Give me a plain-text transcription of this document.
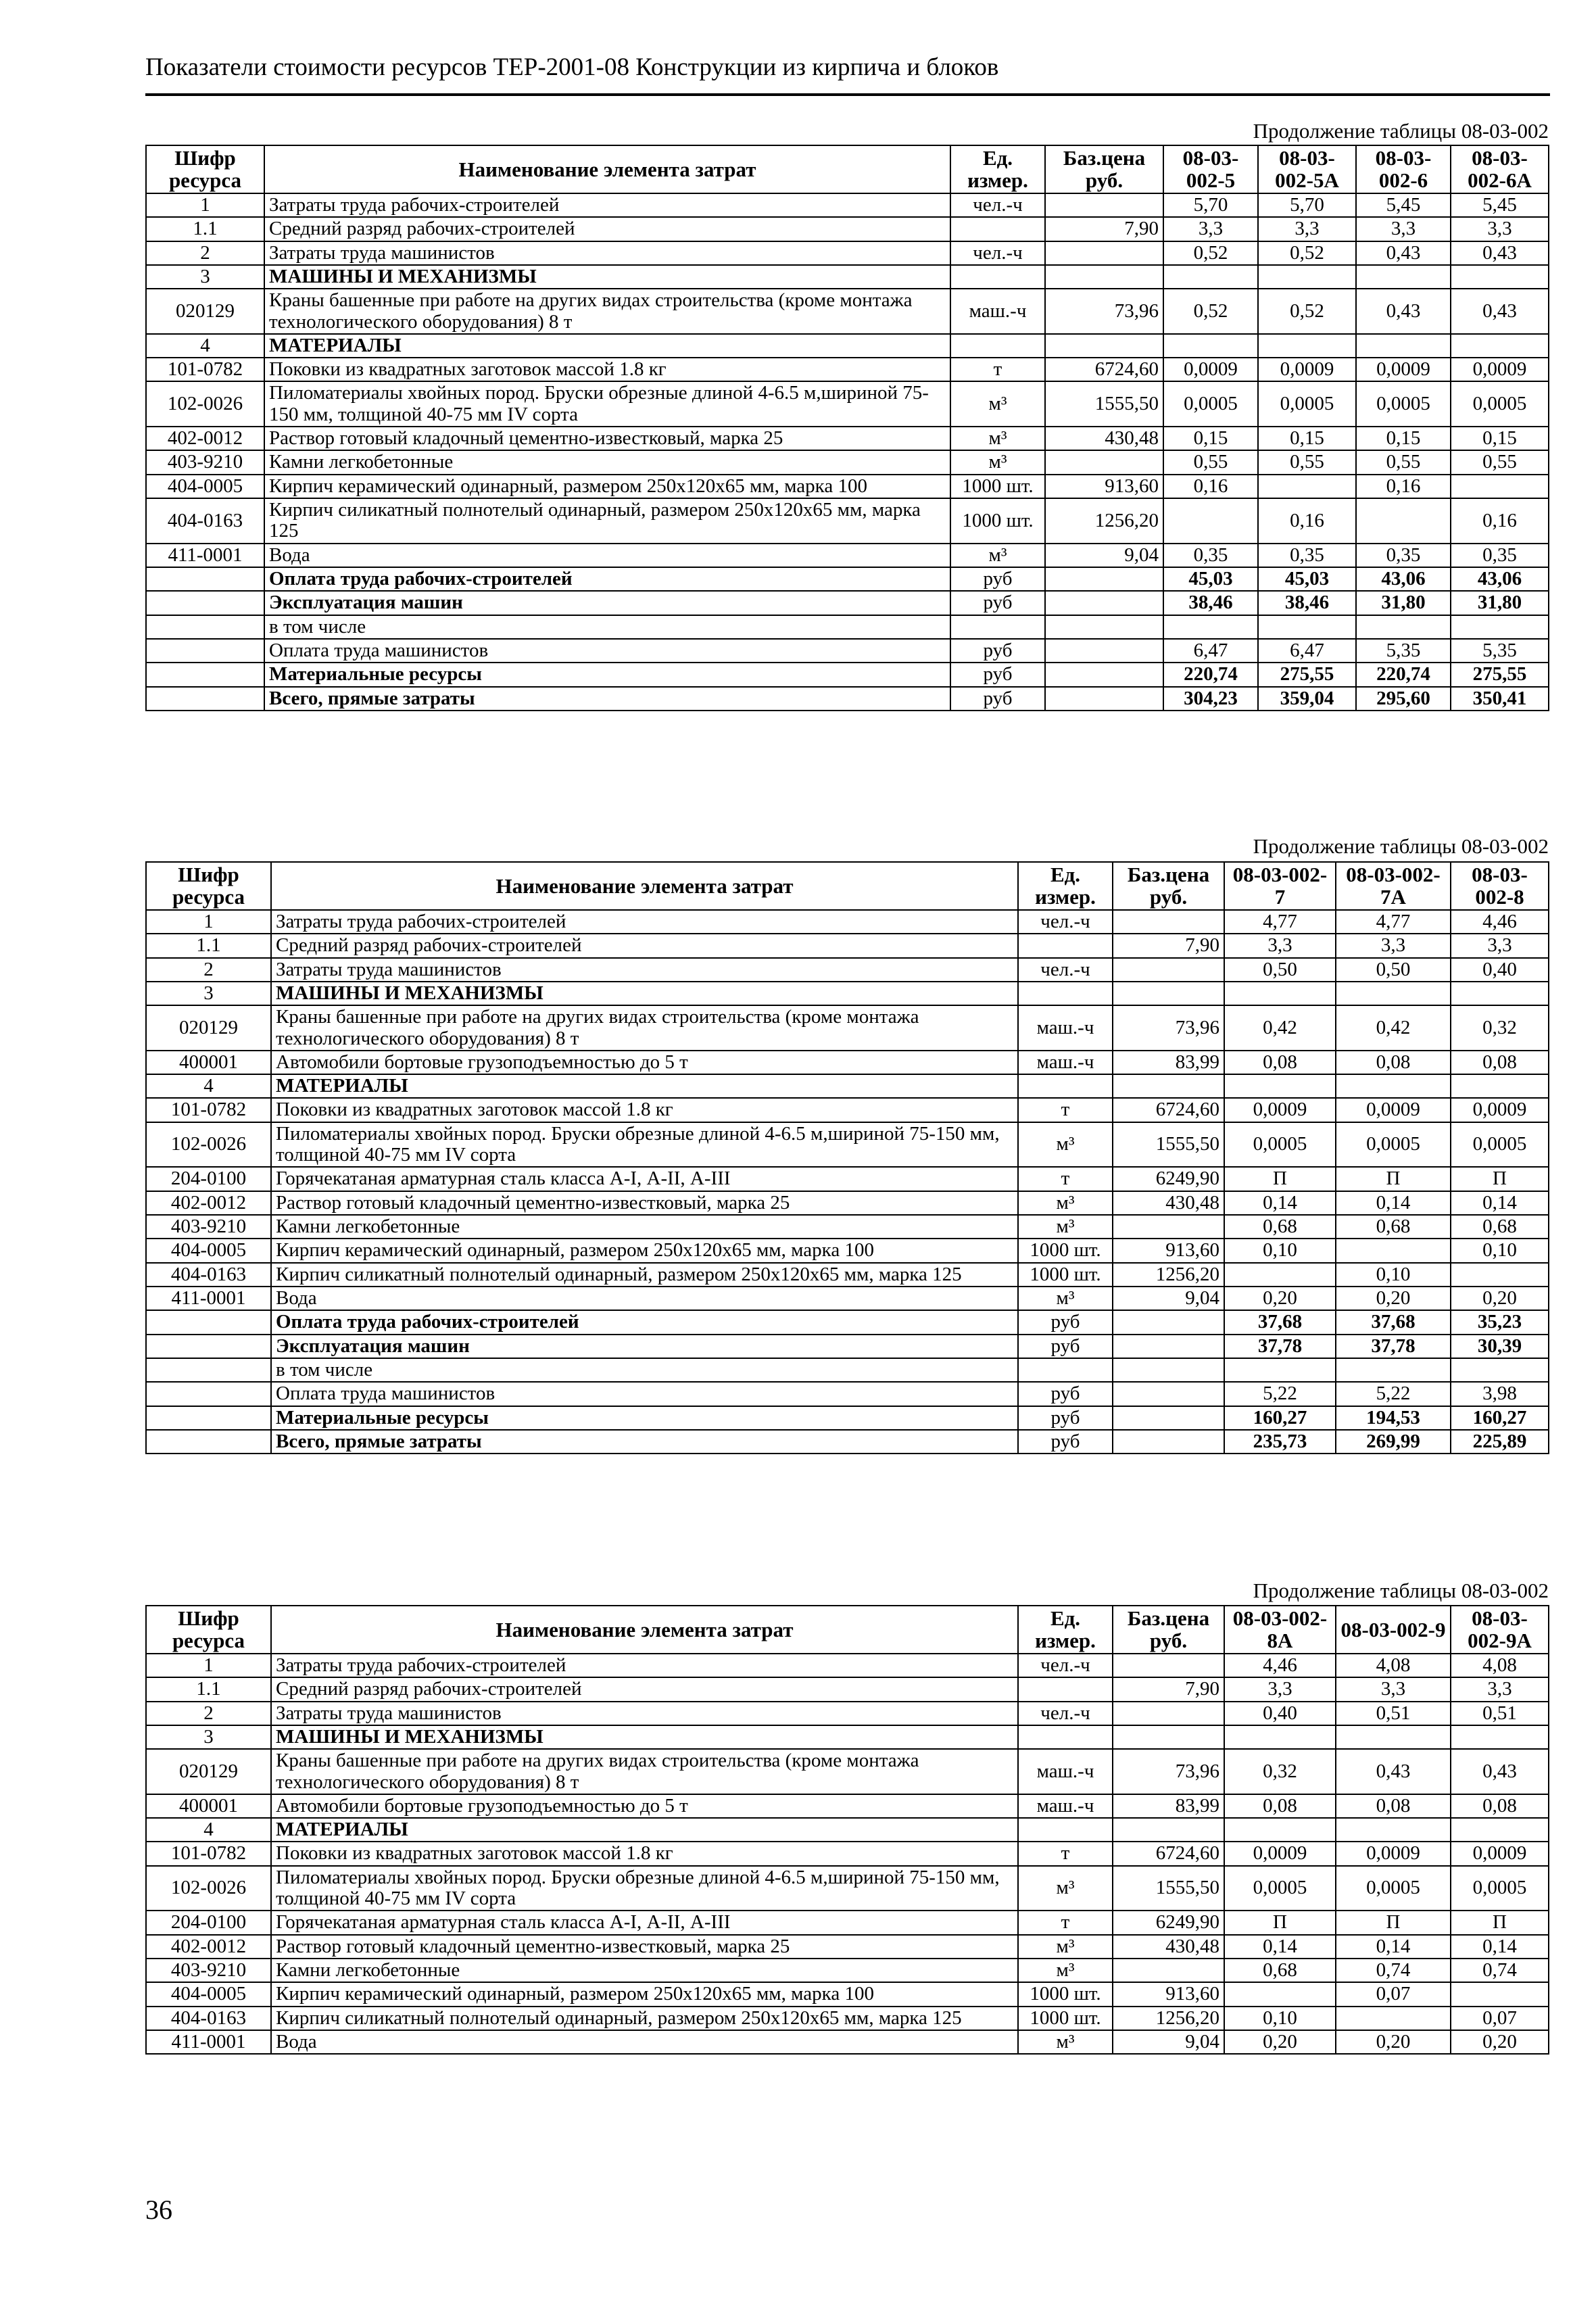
Показатели стоимости ресурсов ТЕР-2001-08 Конструкции из кирпича и блоков
Продолжение таблицы 08-03-002
Шифр ресурса	Наименование элемента затрат	Ед. измер.	Баз.цена руб.	08-03-002-5	08-03-002-5А	08-03-002-6	08-03-002-6А
1	Затраты труда рабочих-строителей	чел.-ч		5,70	5,70	5,45	5,45
1.1	Средний разряд рабочих-строителей		7,90	3,3	3,3	3,3	3,3
2	Затраты труда машинистов	чел.-ч		0,52	0,52	0,43	0,43
3	МАШИНЫ И МЕХАНИЗМЫ						
020129	Краны башенные при работе на других видах строительства (кроме монтажа технологического оборудования) 8 т	маш.-ч	73,96	0,52	0,52	0,43	0,43
4	МАТЕРИАЛЫ						
101-0782	Поковки из квадратных заготовок массой 1.8 кг	т	6724,60	0,0009	0,0009	0,0009	0,0009
102-0026	Пиломатериалы хвойных пород. Бруски обрезные длиной 4-6.5 м,шириной 75-150 мм, толщиной 40-75 мм IV сорта	м³	1555,50	0,0005	0,0005	0,0005	0,0005
402-0012	Раствор готовый кладочный цементно-известковый, марка 25	м³	430,48	0,15	0,15	0,15	0,15
403-9210	Камни легкобетонные	м³		0,55	0,55	0,55	0,55
404-0005	Кирпич керамический одинарный, размером 250х120х65 мм, марка 100	1000 шт.	913,60	0,16		0,16	
404-0163	Кирпич силикатный полнотелый одинарный, размером 250х120х65 мм, марка 125	1000 шт.	1256,20		0,16		0,16
411-0001	Вода	м³	9,04	0,35	0,35	0,35	0,35
	Оплата труда рабочих-строителей	руб		45,03	45,03	43,06	43,06
	Эксплуатация машин	руб		38,46	38,46	31,80	31,80
	в том числе						
	Оплата труда машинистов	руб		6,47	6,47	5,35	5,35
	Материальные ресурсы	руб		220,74	275,55	220,74	275,55
	Всего, прямые затраты	руб		304,23	359,04	295,60	350,41
Продолжение таблицы 08-03-002
Шифр ресурса	Наименование элемента затрат	Ед. измер.	Баз.цена руб.	08-03-002-7	08-03-002-7А	08-03-002-8
1	Затраты труда рабочих-строителей	чел.-ч		4,77	4,77	4,46
1.1	Средний разряд рабочих-строителей		7,90	3,3	3,3	3,3
2	Затраты труда машинистов	чел.-ч		0,50	0,50	0,40
3	МАШИНЫ И МЕХАНИЗМЫ					
020129	Краны башенные при работе на других видах строительства (кроме монтажа технологического оборудования) 8 т	маш.-ч	73,96	0,42	0,42	0,32
400001	Автомобили бортовые грузоподъемностью до 5 т	маш.-ч	83,99	0,08	0,08	0,08
4	МАТЕРИАЛЫ					
101-0782	Поковки из квадратных заготовок массой 1.8 кг	т	6724,60	0,0009	0,0009	0,0009
102-0026	Пиломатериалы хвойных пород. Бруски обрезные длиной 4-6.5 м,шириной 75-150 мм, толщиной 40-75 мм IV сорта	м³	1555,50	0,0005	0,0005	0,0005
204-0100	Горячекатаная арматурная сталь класса А-I, А-II, А-III	т	6249,90	П	П	П
402-0012	Раствор готовый кладочный цементно-известковый, марка 25	м³	430,48	0,14	0,14	0,14
403-9210	Камни легкобетонные	м³		0,68	0,68	0,68
404-0005	Кирпич керамический одинарный, размером 250х120х65 мм, марка 100	1000 шт.	913,60	0,10		0,10
404-0163	Кирпич силикатный полнотелый одинарный, размером 250х120х65 мм, марка 125	1000 шт.	1256,20		0,10	
411-0001	Вода	м³	9,04	0,20	0,20	0,20
	Оплата труда рабочих-строителей	руб		37,68	37,68	35,23
	Эксплуатация машин	руб		37,78	37,78	30,39
	в том числе					
	Оплата труда машинистов	руб		5,22	5,22	3,98
	Материальные ресурсы	руб		160,27	194,53	160,27
	Всего, прямые затраты	руб		235,73	269,99	225,89
Продолжение таблицы 08-03-002
Шифр ресурса	Наименование элемента затрат	Ед. измер.	Баз.цена руб.	08-03-002-8А	08-03-002-9	08-03-002-9А
1	Затраты труда рабочих-строителей	чел.-ч		4,46	4,08	4,08
1.1	Средний разряд рабочих-строителей		7,90	3,3	3,3	3,3
2	Затраты труда машинистов	чел.-ч		0,40	0,51	0,51
3	МАШИНЫ И МЕХАНИЗМЫ					
020129	Краны башенные при работе на других видах строительства (кроме монтажа технологического оборудования) 8 т	маш.-ч	73,96	0,32	0,43	0,43
400001	Автомобили бортовые грузоподъемностью до 5 т	маш.-ч	83,99	0,08	0,08	0,08
4	МАТЕРИАЛЫ					
101-0782	Поковки из квадратных заготовок массой 1.8 кг	т	6724,60	0,0009	0,0009	0,0009
102-0026	Пиломатериалы хвойных пород. Бруски обрезные длиной 4-6.5 м,шириной 75-150 мм, толщиной 40-75 мм IV сорта	м³	1555,50	0,0005	0,0005	0,0005
204-0100	Горячекатаная арматурная сталь класса А-I, А-II, А-III	т	6249,90	П	П	П
402-0012	Раствор готовый кладочный цементно-известковый, марка 25	м³	430,48	0,14	0,14	0,14
403-9210	Камни легкобетонные	м³		0,68	0,74	0,74
404-0005	Кирпич керамический одинарный, размером 250х120х65 мм, марка 100	1000 шт.	913,60		0,07	
404-0163	Кирпич силикатный полнотелый одинарный, размером 250х120х65 мм, марка 125	1000 шт.	1256,20	0,10		0,07
411-0001	Вода	м³	9,04	0,20	0,20	0,20
36
